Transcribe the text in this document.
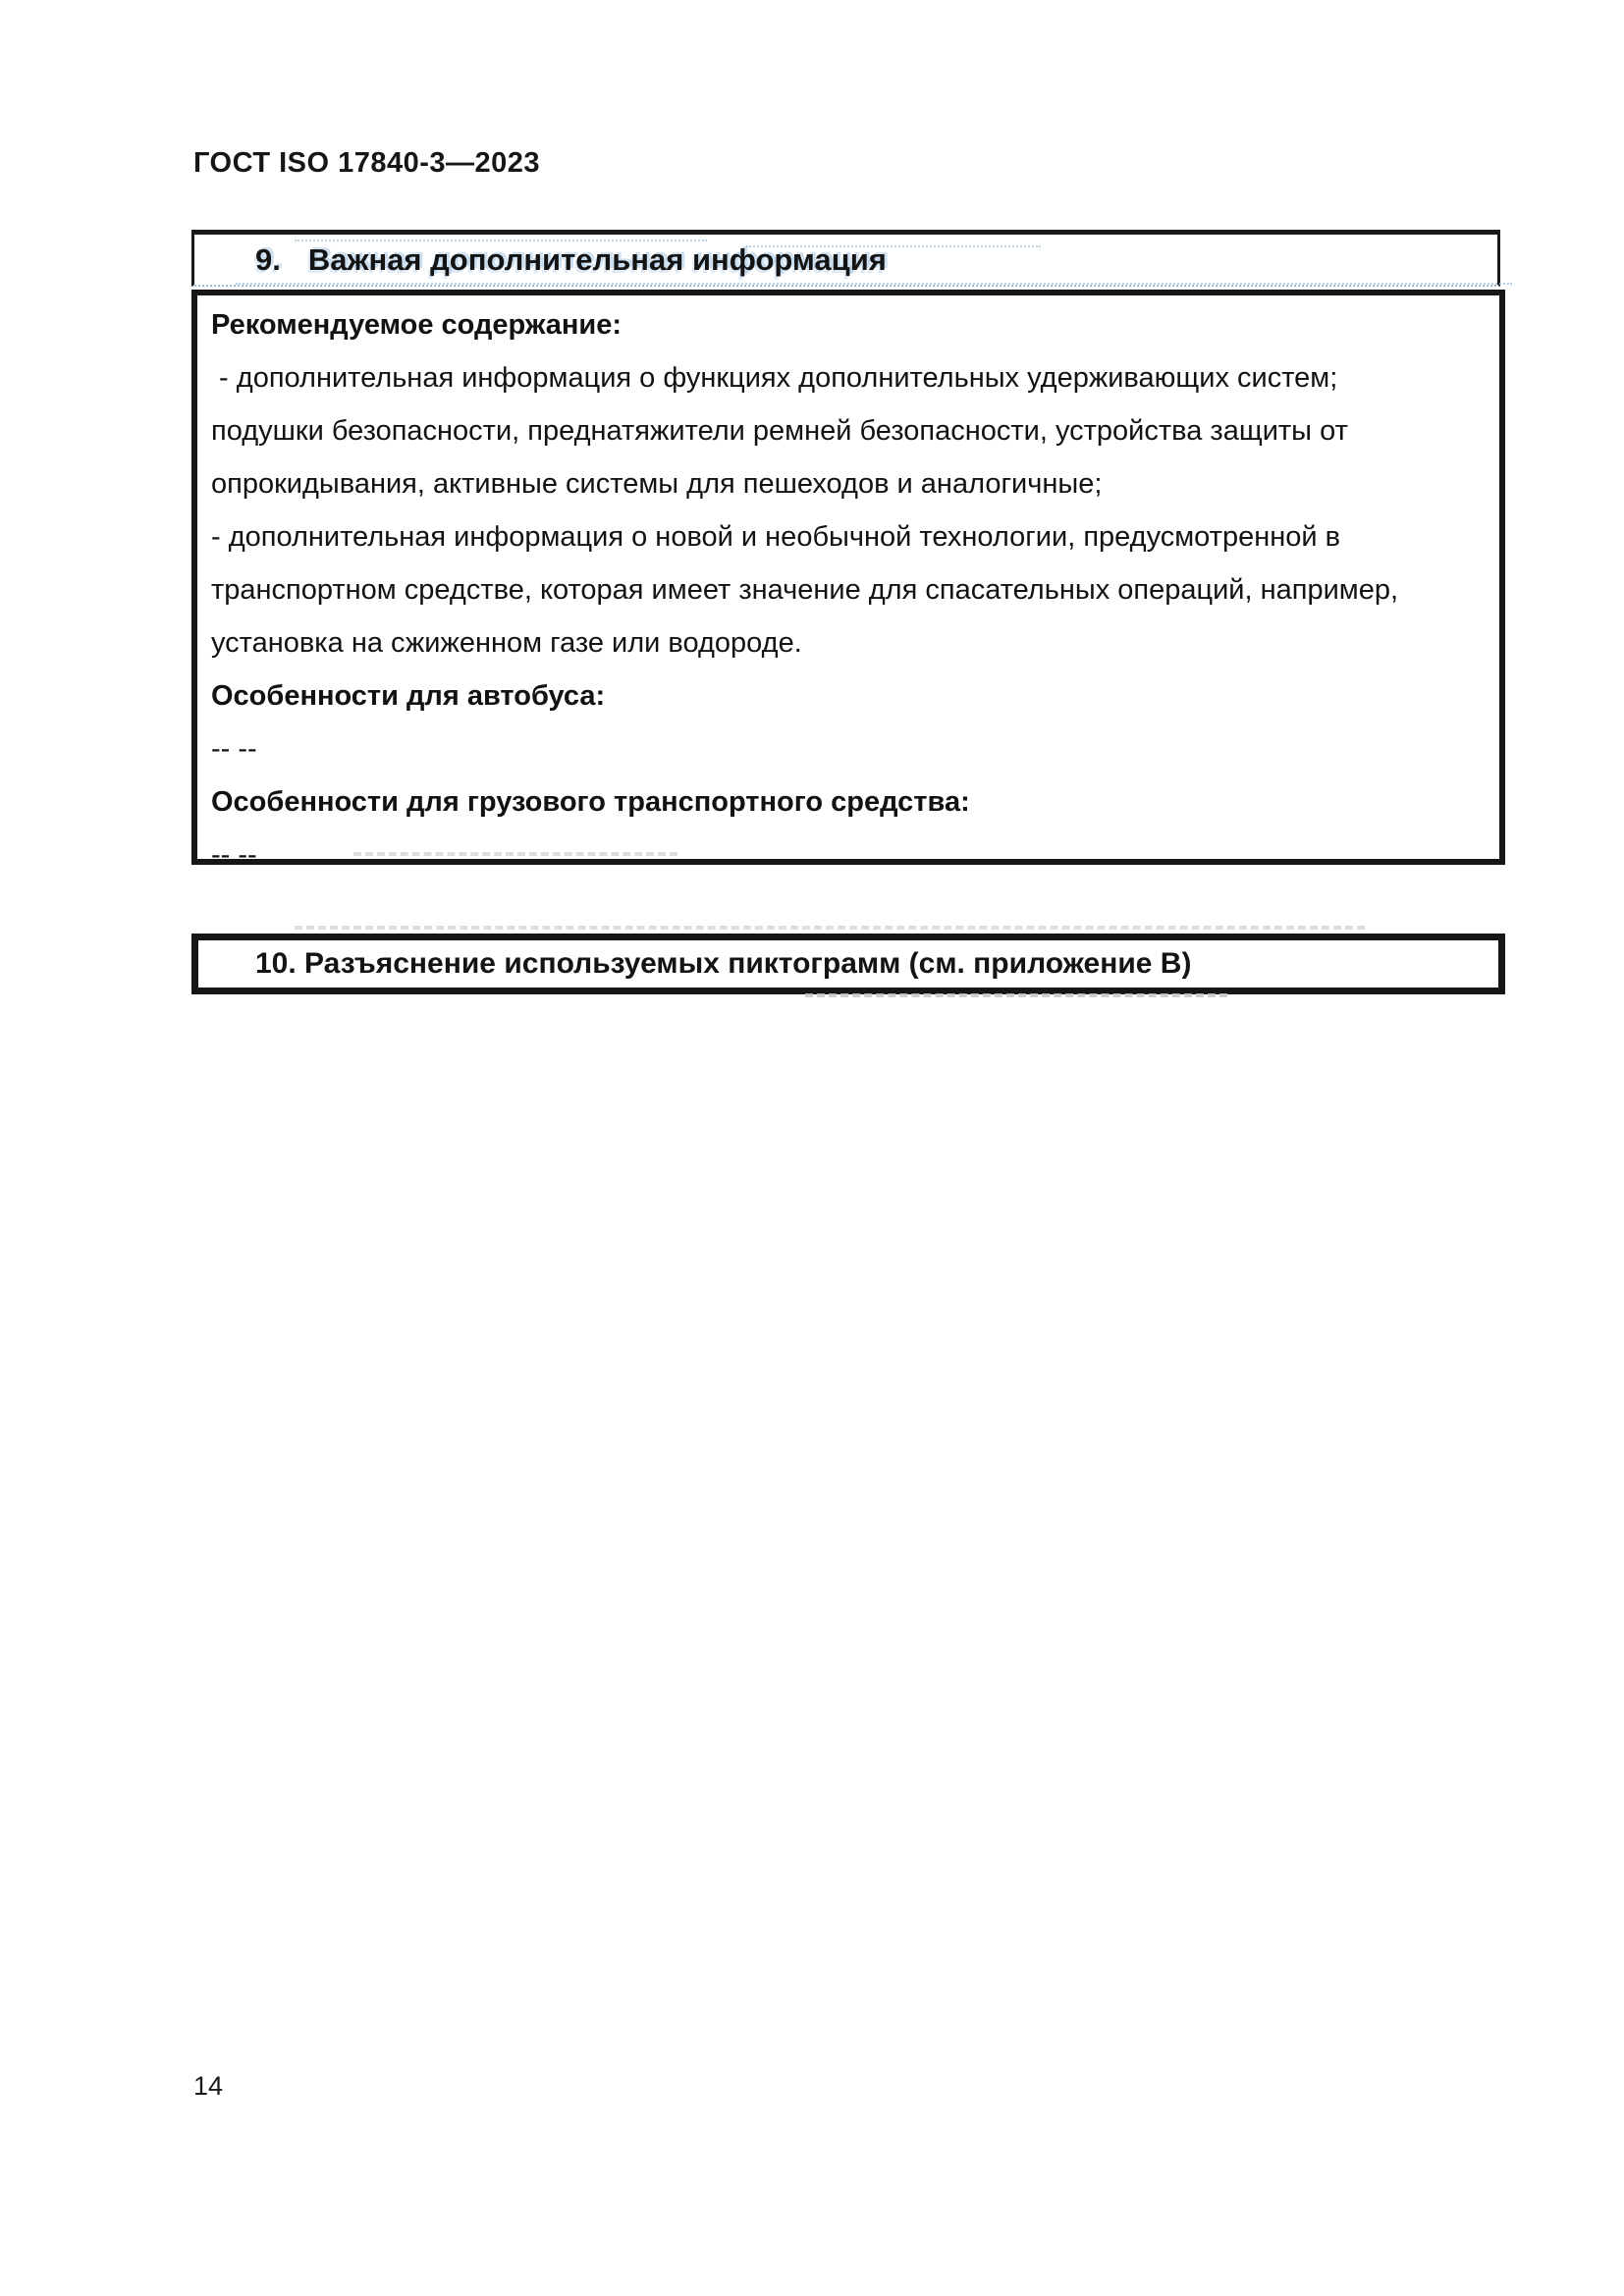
ГОСТ ISO 17840-3—2023
9. Важная дополнительная информация
Рекомендуемое содержание:
- дополнительная информация о функциях дополнительных удерживающих систем;
подушки безопасности, преднатяжители ремней безопасности, устройства защиты от
опрокидывания, активные системы для пешеходов и аналогичные;
- дополнительная информация о новой и необычной технологии, предусмотренной в
транспортном средстве, которая имеет значение для спасательных операций, например,
установка на сжиженном газе или водороде.
Особенности для автобуса:
-- --
Особенности для грузового транспортного средства:
-- --
10. Разъяснение используемых пиктограмм (см. приложение В)
14
